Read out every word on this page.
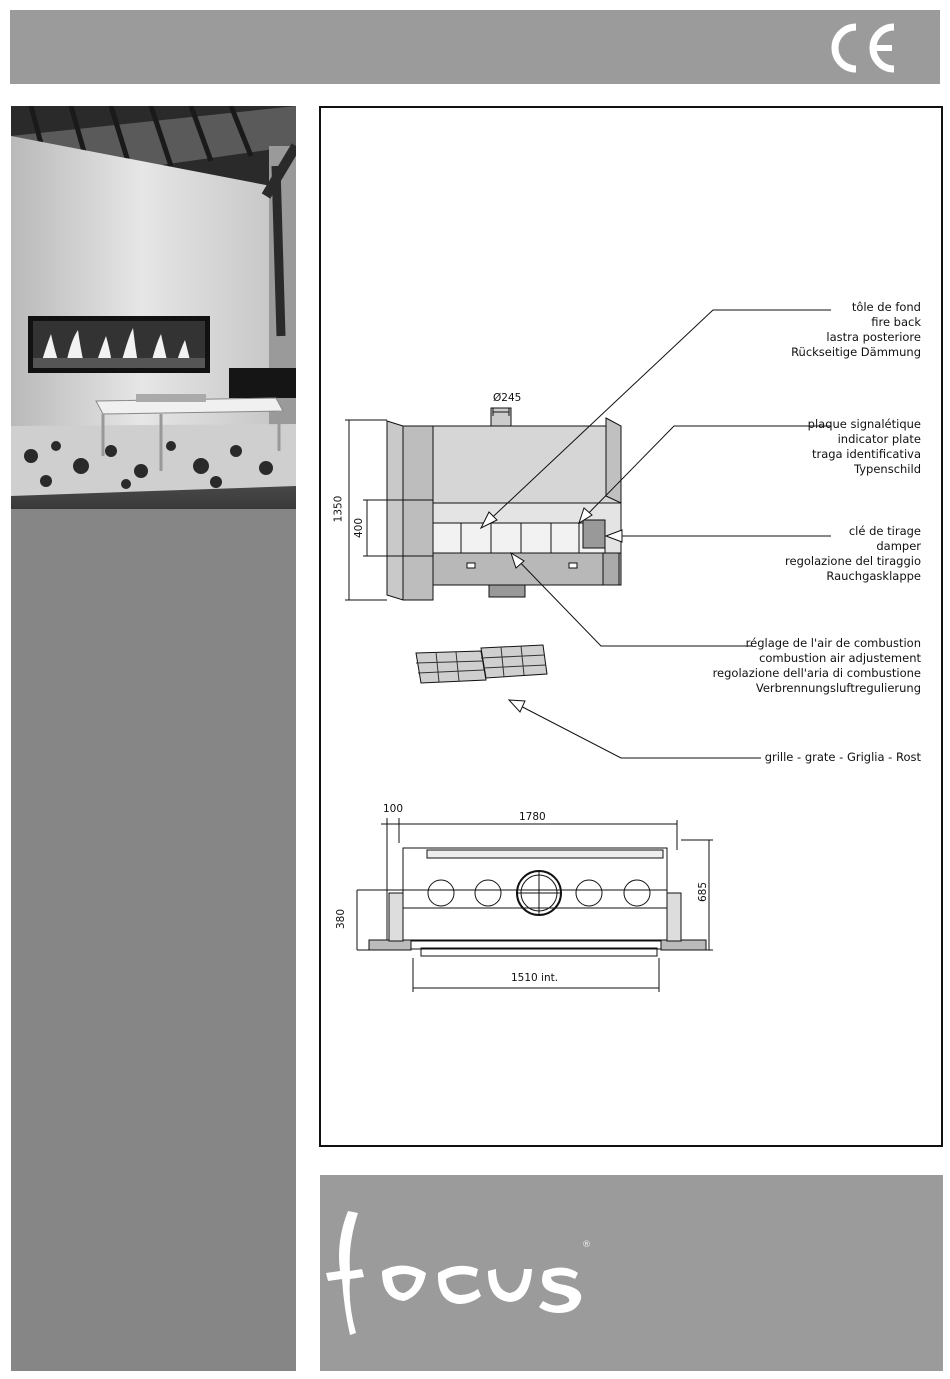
Ø245
1350
400
tôle de fond
fire back
lastra posteriore
Rückseitige Dämmung
plaque signalétique
indicator plate
traga identificativa
Typenschild
clé de tirage
damper
regolazione del tiraggio
Rauchgasklappe
réglage de l'air de combustion
combustion air adjustement
regolazione dell'aria di combustione
Verbrennungsluftregulierung
grille - grate - Griglia - Rost
100
1780
685
380
1510 int.
®
